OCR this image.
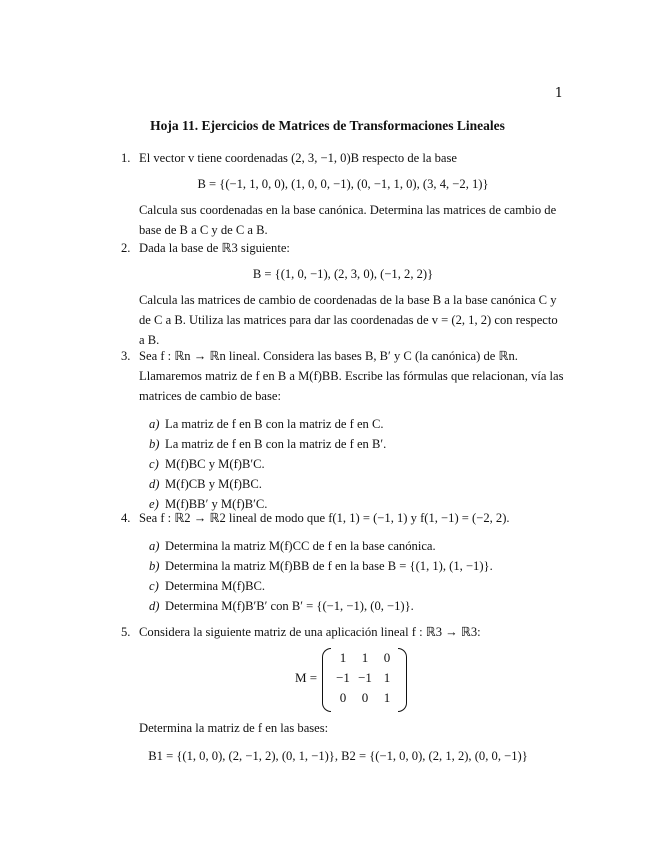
1
Hoja 11. Ejercicios de Matrices de Transformaciones Lineales
1. El vector v tiene coordenadas (2, 3, −1, 0)B respecto de la base
B = {(−1, 1, 0, 0), (1, 0, 0, −1), (0, −1, 1, 0), (3, 4, −2, 1)}
Calcula sus coordenadas en la base canónica. Determina las matrices de cambio de base de B a C y de C a B.
2. Dada la base de ℝ3 siguiente:
B = {(1, 0, −1), (2, 3, 0), (−1, 2, 2)}
Calcula las matrices de cambio de coordenadas de la base B a la base canónica C y de C a B. Utiliza las matrices para dar las coordenadas de v = (2, 1, 2) con respecto a B.
3. Sea f : ℝn → ℝn lineal. Considera las bases B, B′ y C (la canónica) de ℝn. Llamaremos matriz de f en B a M(f)BB. Escribe las fórmulas que relacionan, vía las matrices de cambio de base:
a) La matriz de f en B con la matriz de f en C.
b) La matriz de f en B con la matriz de f en B′.
c) M(f)BC y M(f)B′C.
d) M(f)CB y M(f)BC.
e) M(f)BB′ y M(f)B′C.
4. Sea f : ℝ2 → ℝ2 lineal de modo que f(1, 1) = (−1, 1) y f(1, −1) = (−2, 2).
a) Determina la matriz M(f)CC de f en la base canónica.
b) Determina la matriz M(f)BB de f en la base B = {(1, 1), (1, −1)}.
c) Determina M(f)BC.
d) Determina M(f)B′B′ con B′ = {(−1, −1), (0, −1)}.
5. Considera la siguiente matriz de una aplicación lineal f : ℝ3 → ℝ3:
M =
1	1	0
−1 −1 1
0	0	1
Determina la matriz de f en las bases:
B1 = {(1, 0, 0), (2, −1, 2), (0, 1, −1)}, B2 = {(−1, 0, 0), (2, 1, 2), (0, 0, −1)}
